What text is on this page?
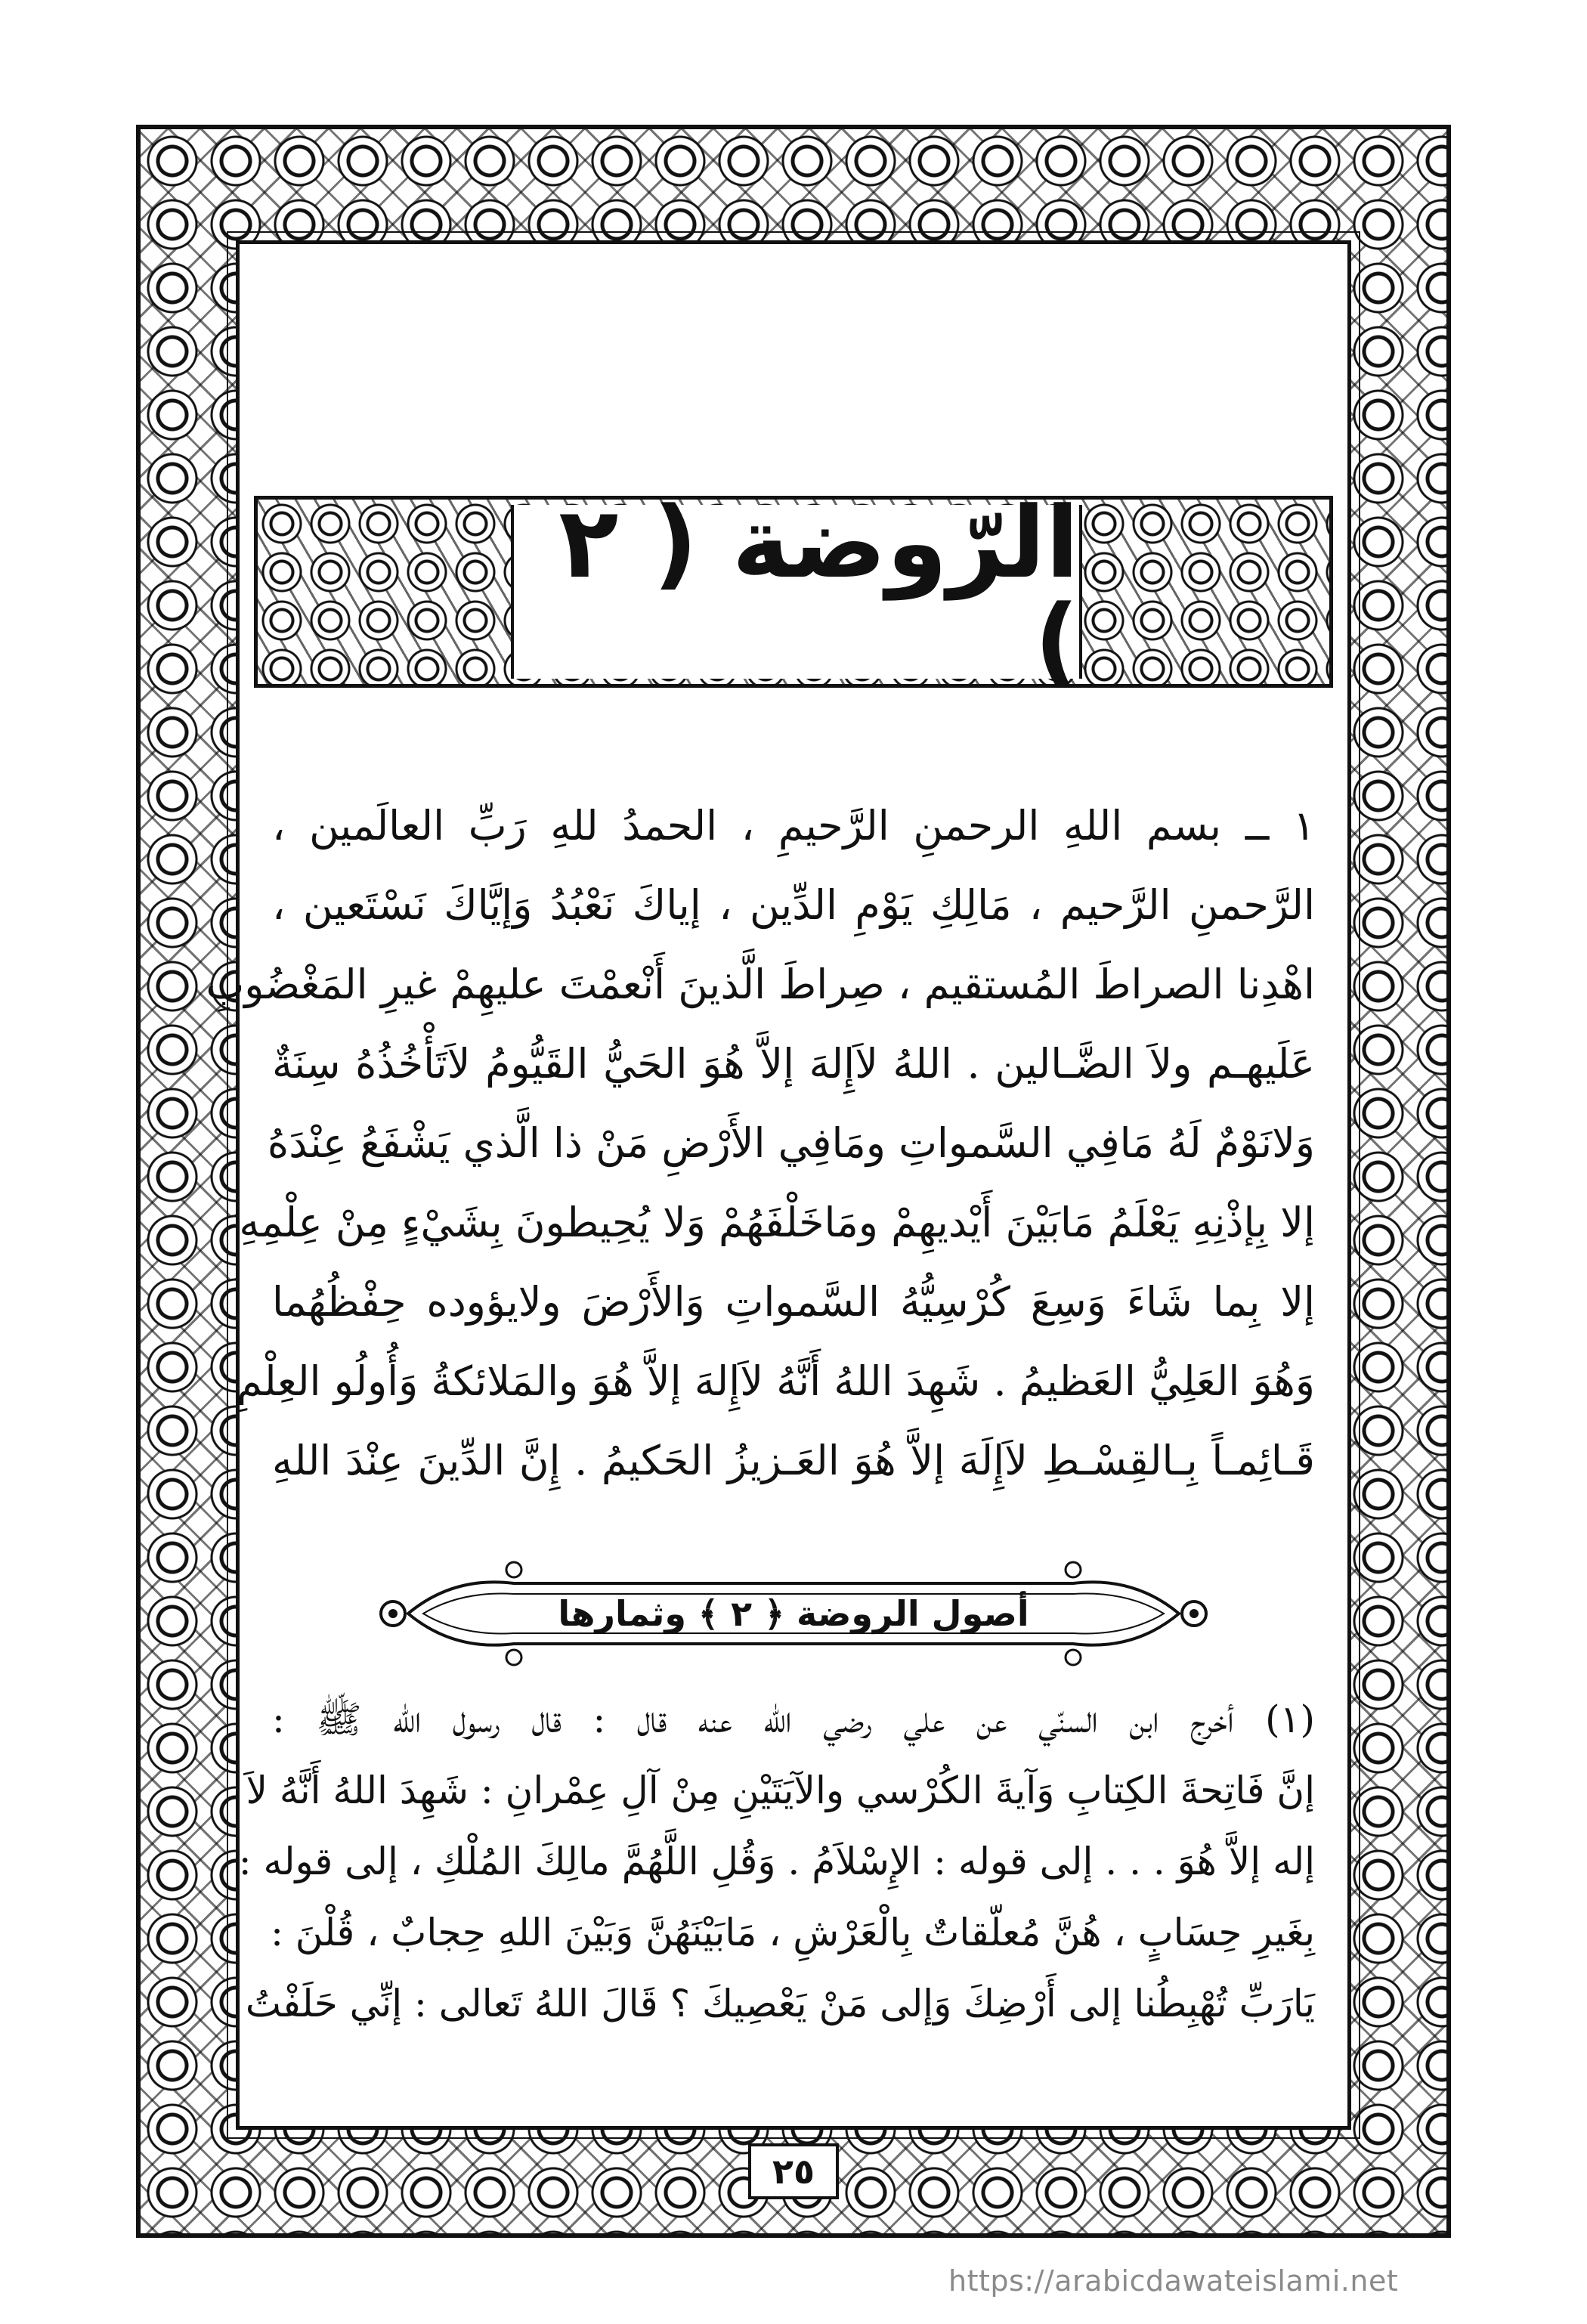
الرّوضة ( ٢ )
١ ــ بسم اللهِ الرحمنِ الرَّحيمِ ، الحمدُ للهِ رَبِّ العالَمين ،
الرَّحمنِ الرَّحيم ، مَالِكِ يَوْمِ الدِّين ، إياكَ نَعْبُدُ وَإيَّاكَ نَسْتَعين ،
اهْدِنا الصراطَ المُستقيم ، صِراطَ الَّذينَ أَنْعمْتَ عليهِمْ غيرِ المَغْضُوبِ
عَلَيهـم ولاَ الضَّـالين . اللهُ لاَإِلهَ إلاَّ هُوَ الحَيُّ القَيُّومُ لاَتَأْخُذُهُ سِنَةٌ
وَلانَوْمٌ لَهُ مَافِي السَّمواتِ ومَافِي الأَرْضِ مَنْ ذا الَّذي يَشْفَعُ عِنْدَهُ
إلا بِإذْنِهِ يَعْلَمُ مَابَيْنَ أَيْديهِمْ ومَاخَلْفَهُمْ وَلا يُحِيطونَ بِشَيْءٍ مِنْ عِلْمِهِ
إلا بِما شَاءَ وَسِعَ كُرْسِيُّهُ السَّمواتِ وَالأَرْضَ ولايؤوده حِفْظُهُما
وَهُوَ العَلِيُّ العَظيمُ . شَهِدَ اللهُ أَنَّهُ لاَإِلهَ إلاَّ هُوَ والمَلائكةُ وَأُولُو العِلْمِ
قَـائِمـاً بِـالقِسْـطِ لاَإِلَهَ إلاَّ هُوَ العَـزيزُ الحَكيمُ . إِنَّ الدِّينَ عِنْدَ اللهِ
أصول الروضة ﴿ ٢ ﴾ وثمارها
(١) أخرج ابن السنّي عن علي رضي الله عنه قال : قال رسول الله ﷺ :
إنَّ فَاتِحةَ الكِتابِ وَآيةَ الكُرْسي والآيَتَيْنِ مِنْ آلِ عِمْرانِ : شَهِدَ اللهُ أَنَّهُ لاَ
إله إلاَّ هُوَ . . . إلى قوله : الإِسْلاَمُ . وَقُلِ اللَّهُمَّ مالِكَ المُلْكِ ، إلى قوله :
بِغَيرِ حِسَابٍ ، هُنَّ مُعلّقاتٌ بِالْعَرْشِ ، مَابَيْنَهُنَّ وَبَيْنَ اللهِ حِجابٌ ، قُلْنَ :
يَارَبِّ تُهْبِطُنا إلى أَرْضِكَ وَإلى مَنْ يَعْصِيكَ ؟ قَالَ اللهُ تَعالى : إنِّي حَلَفْتُ
٢٥
https://arabicdawateislami.net
